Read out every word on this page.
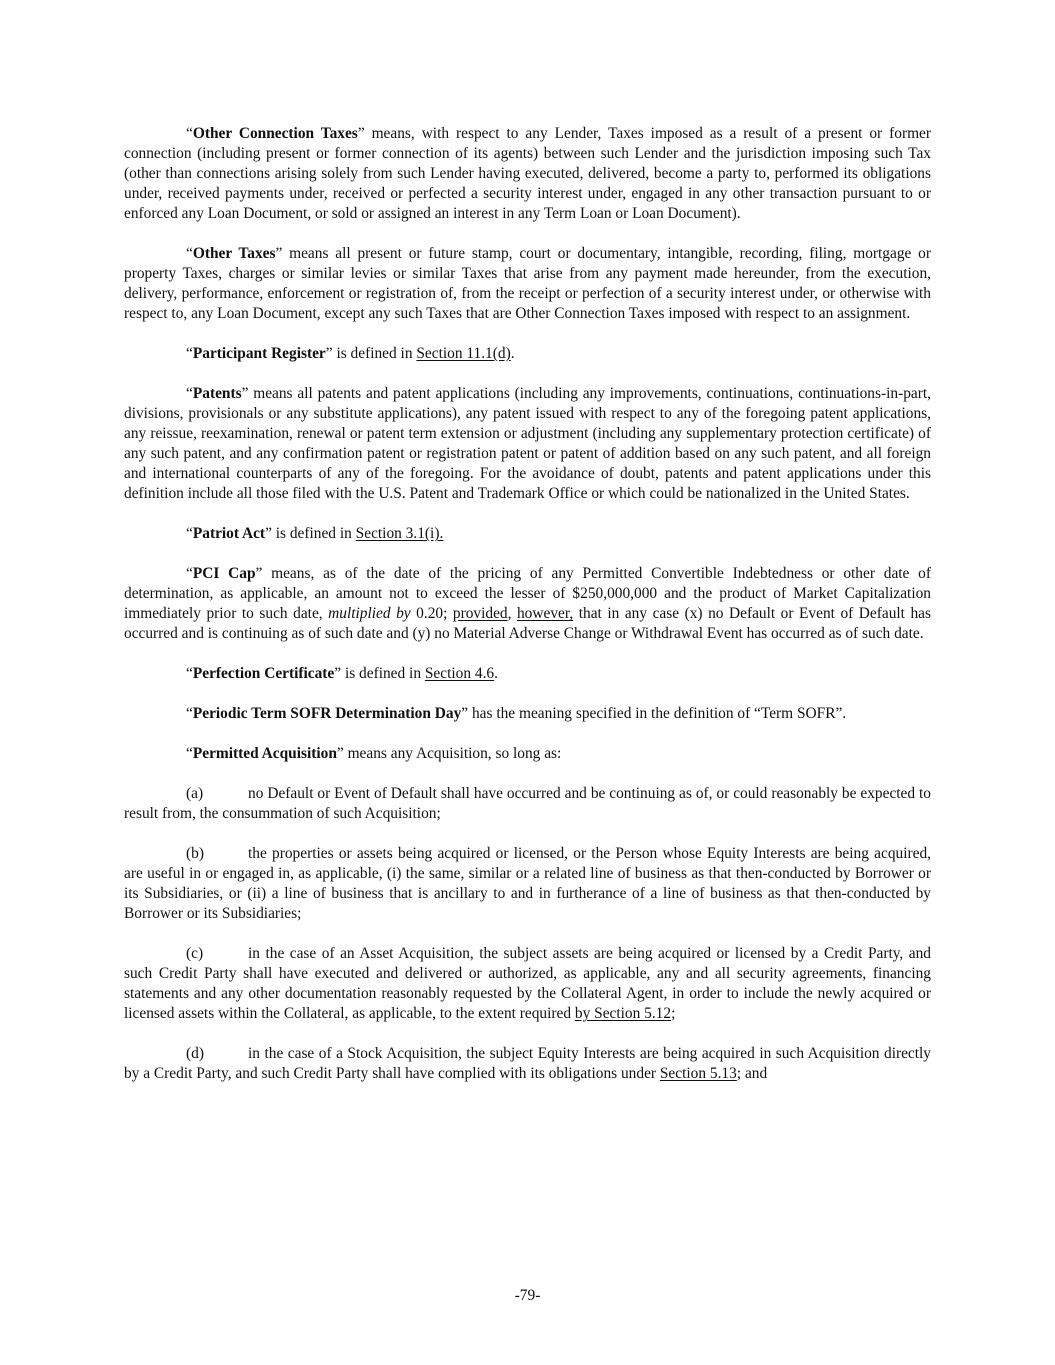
“Other Connection Taxes” means, with respect to any Lender, Taxes imposed as a result of a present or former connection (including present or former connection of its agents) between such Lender and the jurisdiction imposing such Tax (other than connections arising solely from such Lender having executed, delivered, become a party to, performed its obligations under, received payments under, received or perfected a security interest under, engaged in any other transaction pursuant to or enforced any Loan Document, or sold or assigned an interest in any Term Loan or Loan Document).

“Other Taxes” means all present or future stamp, court or documentary, intangible, recording, filing, mortgage or property Taxes, charges or similar levies or similar Taxes that arise from any payment made hereunder, from the execution, delivery, performance, enforcement or registration of, from the receipt or perfection of a security interest under, or otherwise with respect to, any Loan Document, except any such Taxes that are Other Connection Taxes imposed with respect to an assignment.

“Participant Register” is defined in Section 11.1(d).

“Patents” means all patents and patent applications (including any improvements, continuations, continuations-in-part, divisions, provisionals or any substitute applications), any patent issued with respect to any of the foregoing patent applications, any reissue, reexamination, renewal or patent term extension or adjustment (including any supplementary protection certificate) of any such patent, and any confirmation patent or registration patent or patent of addition based on any such patent, and all foreign and international counterparts of any of the foregoing. For the avoidance of doubt, patents and patent applications under this definition include all those filed with the U.S. Patent and Trademark Office or which could be nationalized in the United States.

“Patriot Act” is defined in Section 3.1(i).

“PCI Cap” means, as of the date of the pricing of any Permitted Convertible Indebtedness or other date of determination, as applicable, an amount not to exceed the lesser of $250,000,000 and the product of Market Capitalization immediately prior to such date, multiplied by 0.20; provided, however, that in any case (x) no Default or Event of Default has occurred and is continuing as of such date and (y) no Material Adverse Change or Withdrawal Event has occurred as of such date.

“Perfection Certificate” is defined in Section 4.6.

“Periodic Term SOFR Determination Day” has the meaning specified in the definition of “Term SOFR”.

“Permitted Acquisition” means any Acquisition, so long as:

(a)	no Default or Event of Default shall have occurred and be continuing as of, or could reasonably be expected to result from, the consummation of such Acquisition;

(b)	the properties or assets being acquired or licensed, or the Person whose Equity Interests are being acquired, are useful in or engaged in, as applicable, (i) the same, similar or a related line of business as that then-conducted by Borrower or its Subsidiaries, or (ii) a line of business that is ancillary to and in furtherance of a line of business as that then-conducted by Borrower or its Subsidiaries;

(c)	in the case of an Asset Acquisition, the subject assets are being acquired or licensed by a Credit Party, and such Credit Party shall have executed and delivered or authorized, as applicable, any and all security agreements, financing statements and any other documentation reasonably requested by the Collateral Agent, in order to include the newly acquired or licensed assets within the Collateral, as applicable, to the extent required by Section 5.12;

(d)	in the case of a Stock Acquisition, the subject Equity Interests are being acquired in such Acquisition directly by a Credit Party, and such Credit Party shall have complied with its obligations under Section 5.13; and

-79-
